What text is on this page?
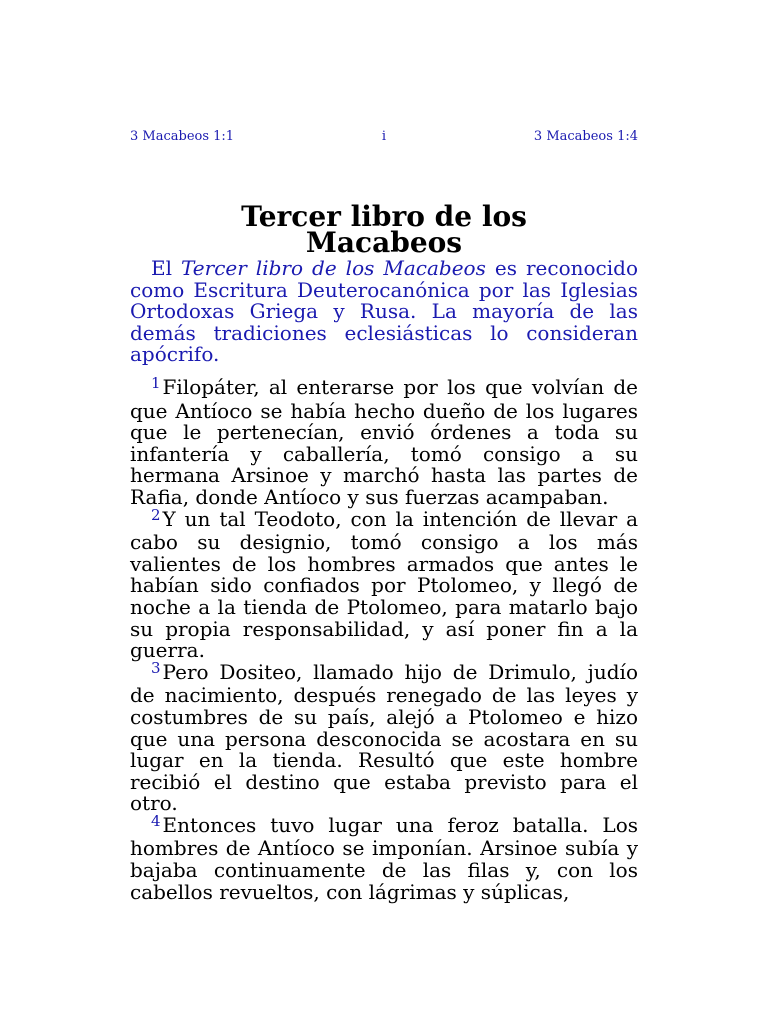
3 Macabeos 1:1	i	3 Macabeos 1:4
Tercer libro de los
Macabeos
El Tercer libro de los Macabeos es reconocido como Escritura Deuterocanónica por las Iglesias Ortodoxas Griega y Rusa. La mayoría de las demás tradiciones eclesiásticas lo consideran apócrifo.

$^1$ Filopáter, al enterarse por los que volvían de que Antíoco se había hecho dueño de los lugares que le pertenecían, envió órdenes a toda su infantería y caballería, tomó consigo a su hermana Arsinoe y marchó hasta las partes de Rafia, donde Antíoco y sus fuerzas acampaban.

$^2$ Y un tal Teodoto, con la intención de llevar a cabo su designio, tomó consigo a los más valientes de los hombres armados que antes le habían sido confiados por Ptolomeo, y llegó de noche a la tienda de Ptolomeo, para matarlo bajo su propia responsabilidad, y así poner fin a la guerra.

$^3$ Pero Dositeo, llamado hijo de Drimulo, judío de nacimiento, después renegado de las leyes y costumbres de su país, alejó a Ptolomeo e hizo que una persona desconocida se acostara en su lugar en la tienda. Resultó que este hombre recibió el destino que estaba previsto para el otro.

$^4$ Entonces tuvo lugar una feroz batalla. Los hombres de Antíoco se imponían. Arsinoe subía y bajaba continuamente de las filas y, con los cabellos revueltos, con lágrimas y súplicas,
